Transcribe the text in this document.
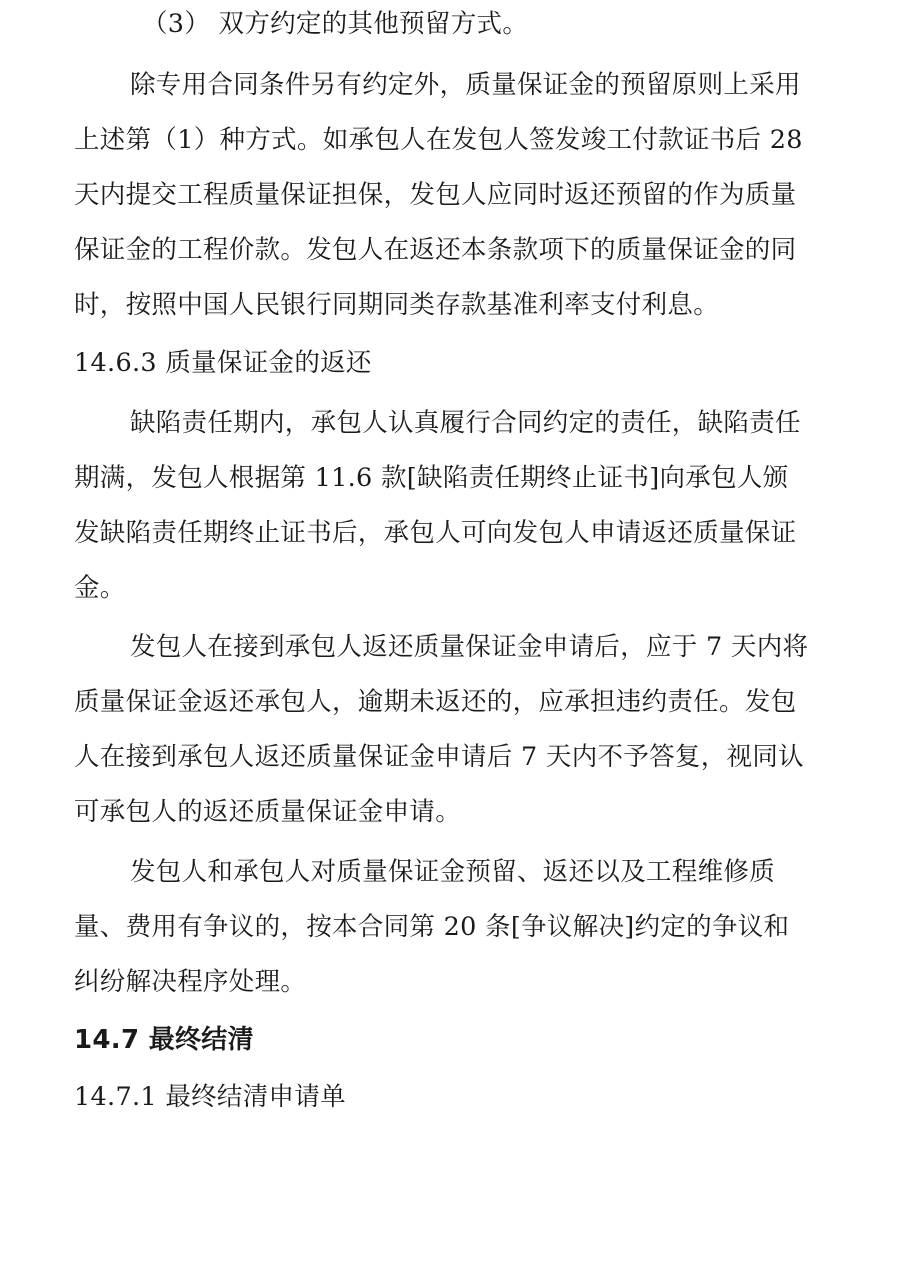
（3） 双方约定的其他预留方式。
除专用合同条件另有约定外，质量保证金的预留原则上采用
上述第（1）种方式。如承包人在发包人签发竣工付款证书后 28
天内提交工程质量保证担保，发包人应同时返还预留的作为质量
保证金的工程价款。发包人在返还本条款项下的质量保证金的同
时，按照中国人民银行同期同类存款基准利率支付利息。
14.6.3 质量保证金的返还
缺陷责任期内，承包人认真履行合同约定的责任，缺陷责任
期满，发包人根据第 11.6 款[缺陷责任期终止证书]向承包人颁
发缺陷责任期终止证书后，承包人可向发包人申请返还质量保证
金。
发包人在接到承包人返还质量保证金申请后，应于 7 天内将
质量保证金返还承包人，逾期未返还的，应承担违约责任。发包
人在接到承包人返还质量保证金申请后 7 天内不予答复，视同认
可承包人的返还质量保证金申请。
发包人和承包人对质量保证金预留、返还以及工程维修质
量、费用有争议的，按本合同第 20 条[争议解决]约定的争议和
纠纷解决程序处理。
14.7 最终结清
14.7.1 最终结清申请单
